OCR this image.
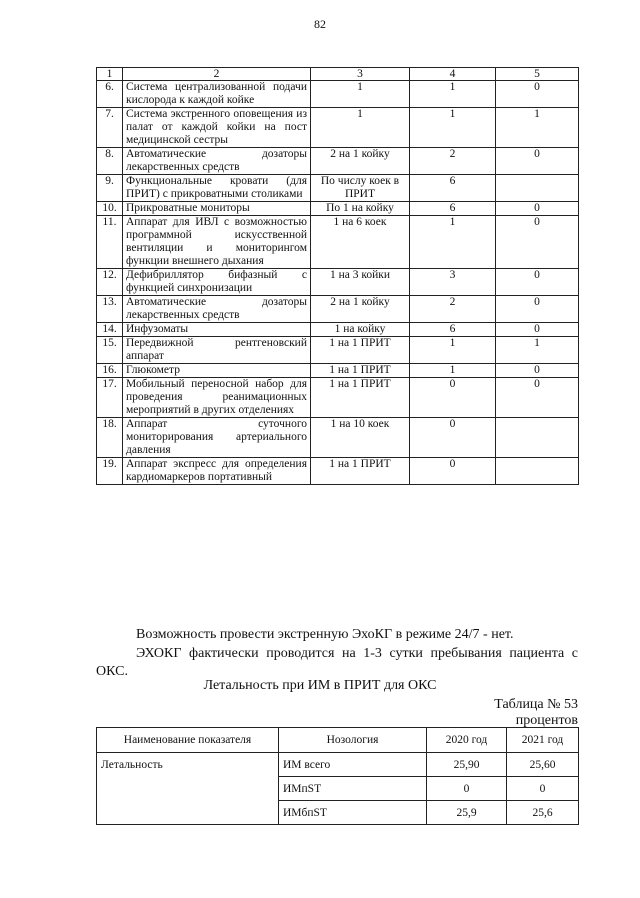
82
1	2	3	4	5
6.	Система централизованной подачи кислорода к каждой койке	1	1	0
7.	Система экстренного оповещения из палат от каждой койки на пост медицинской сестры	1	1	1
8.	Автоматические дозаторы лекарственных средств	2 на 1 койку	2	0
9.	Функциональные кровати (для ПРИТ) с прикроватными столиками	По числу коек в ПРИТ	6	
10.	Прикроватные мониторы	По 1 на койку	6	0
11.	Аппарат для ИВЛ с возможностью программной искусственной вентиляции и мониторингом функции внешнего дыхания	1 на 6 коек	1	0
12.	Дефибриллятор бифазный с функцией синхронизации	1 на 3 койки	3	0
13.	Автоматические дозаторы лекарственных средств	2 на 1 койку	2	0
14.	Инфузоматы	1 на койку	6	0
15.	Передвижной рентгеновский аппарат	1 на 1 ПРИТ	1	1
16.	Глюкометр	1 на 1 ПРИТ	1	0
17.	Мобильный переносной набор для проведения реанимационных мероприятий в других отделениях	1 на 1 ПРИТ	0	0
18.	Аппарат суточного мониторирования артериального давления	1 на 10 коек	0	
19.	Аппарат экспресс для определения кардиомаркеров портативный	1 на 1 ПРИТ	0	
Возможность провести экстренную ЭхоКГ в режиме 24/7 - нет.
ЭХОКГ фактически проводится на 1-3 сутки пребывания пациента с
ОКС.
Летальность при ИМ в ПРИТ для ОКС
Таблица № 53
процентов
Наименование показателя	Нозология	2020 год	2021 год
Летальность	ИМ всего	25,90	25,60
	ИМпST	0	0
	ИМбпST	25,9	25,6
